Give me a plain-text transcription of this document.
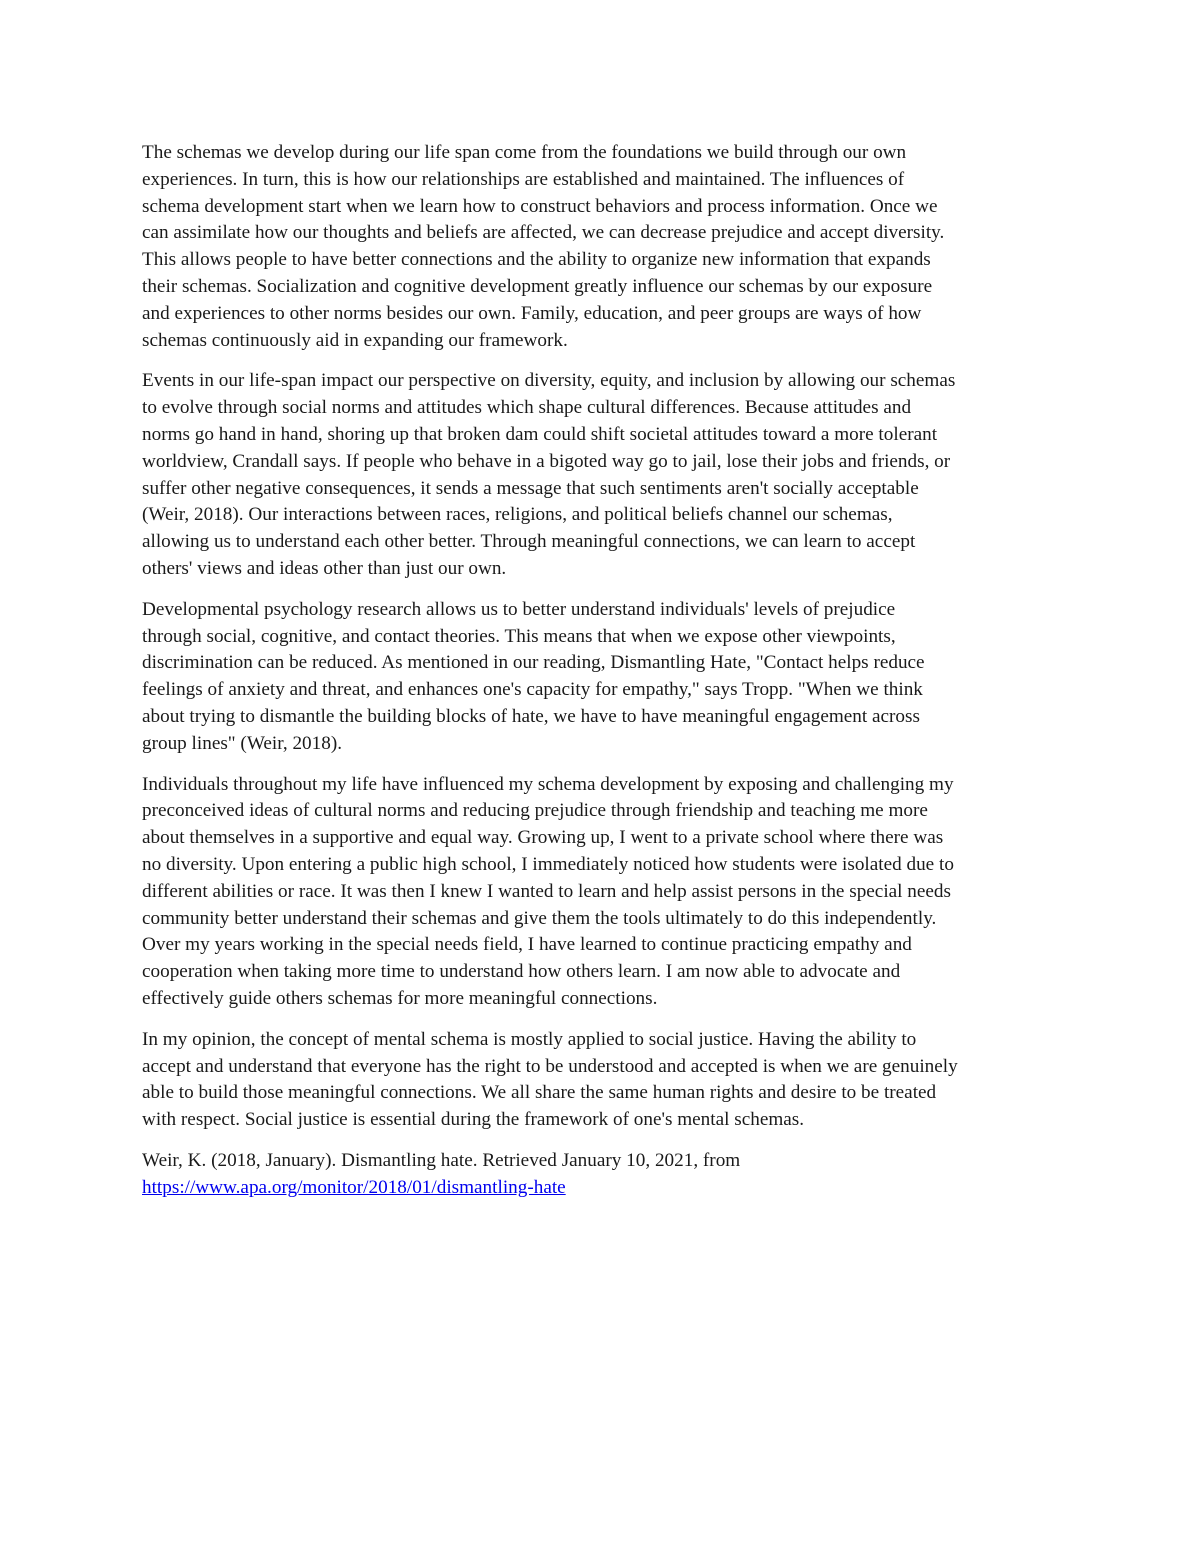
The schemas we develop during our life span come from the foundations we build through our own
experiences. In turn, this is how our relationships are established and maintained. The influences of
schema development start when we learn how to construct behaviors and process information. Once we
can assimilate how our thoughts and beliefs are affected, we can decrease prejudice and accept diversity.
This allows people to have better connections and the ability to organize new information that expands
their schemas. Socialization and cognitive development greatly influence our schemas by our exposure
and experiences to other norms besides our own. Family, education, and peer groups are ways of how
schemas continuously aid in expanding our framework.

Events in our life-span impact our perspective on diversity, equity, and inclusion by allowing our schemas
to evolve through social norms and attitudes which shape cultural differences. Because attitudes and
norms go hand in hand, shoring up that broken dam could shift societal attitudes toward a more tolerant
worldview, Crandall says. If people who behave in a bigoted way go to jail, lose their jobs and friends, or
suffer other negative consequences, it sends a message that such sentiments aren't socially acceptable
(Weir, 2018). Our interactions between races, religions, and political beliefs channel our schemas,
allowing us to understand each other better. Through meaningful connections, we can learn to accept
others' views and ideas other than just our own.

Developmental psychology research allows us to better understand individuals' levels of prejudice
through social, cognitive, and contact theories. This means that when we expose other viewpoints,
discrimination can be reduced. As mentioned in our reading, Dismantling Hate, "Contact helps reduce
feelings of anxiety and threat, and enhances one's capacity for empathy," says Tropp. "When we think
about trying to dismantle the building blocks of hate, we have to have meaningful engagement across
group lines" (Weir, 2018).

Individuals throughout my life have influenced my schema development by exposing and challenging my
preconceived ideas of cultural norms and reducing prejudice through friendship and teaching me more
about themselves in a supportive and equal way. Growing up, I went to a private school where there was
no diversity. Upon entering a public high school, I immediately noticed how students were isolated due to
different abilities or race. It was then I knew I wanted to learn and help assist persons in the special needs
community better understand their schemas and give them the tools ultimately to do this independently.
Over my years working in the special needs field, I have learned to continue practicing empathy and
cooperation when taking more time to understand how others learn. I am now able to advocate and
effectively guide others schemas for more meaningful connections.

In my opinion, the concept of mental schema is mostly applied to social justice. Having the ability to
accept and understand that everyone has the right to be understood and accepted is when we are genuinely
able to build those meaningful connections. We all share the same human rights and desire to be treated
with respect. Social justice is essential during the framework of one's mental schemas.

Weir, K. (2018, January). Dismantling hate. Retrieved January 10, 2021, from
https://www.apa.org/monitor/2018/01/dismantling-hate
